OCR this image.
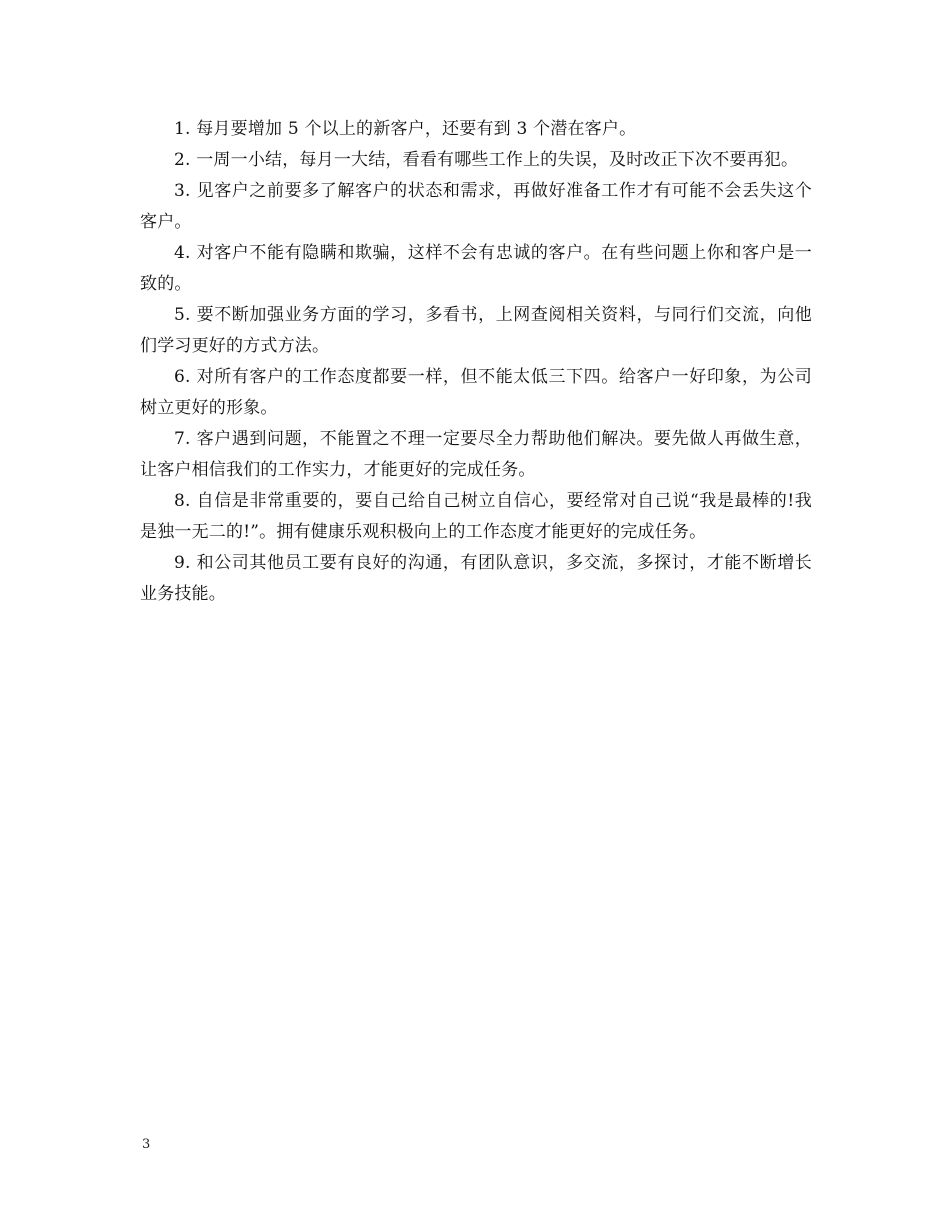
1. 每月要增加 5 个以上的新客户，还要有到 3 个潜在客户。

2. 一周一小结，每月一大结，看看有哪些工作上的失误，及时改正下次不要再犯。

3. 见客户之前要多了解客户的状态和需求，再做好准备工作才有可能不会丢失这个客户。

4. 对客户不能有隐瞒和欺骗，这样不会有忠诚的客户。在有些问题上你和客户是一致的。

5. 要不断加强业务方面的学习，多看书，上网查阅相关资料，与同行们交流，向他们学习更好的方式方法。

6. 对所有客户的工作态度都要一样，但不能太低三下四。给客户一好印象，为公司树立更好的形象。

7. 客户遇到问题，不能置之不理一定要尽全力帮助他们解决。要先做人再做生意，让客户相信我们的工作实力，才能更好的完成任务。

8. 自信是非常重要的，要自己给自己树立自信心，要经常对自己说“我是最棒的!我是独一无二的!”。拥有健康乐观积极向上的工作态度才能更好的完成任务。

9. 和公司其他员工要有良好的沟通，有团队意识，多交流，多探讨，才能不断增长业务技能。

3
